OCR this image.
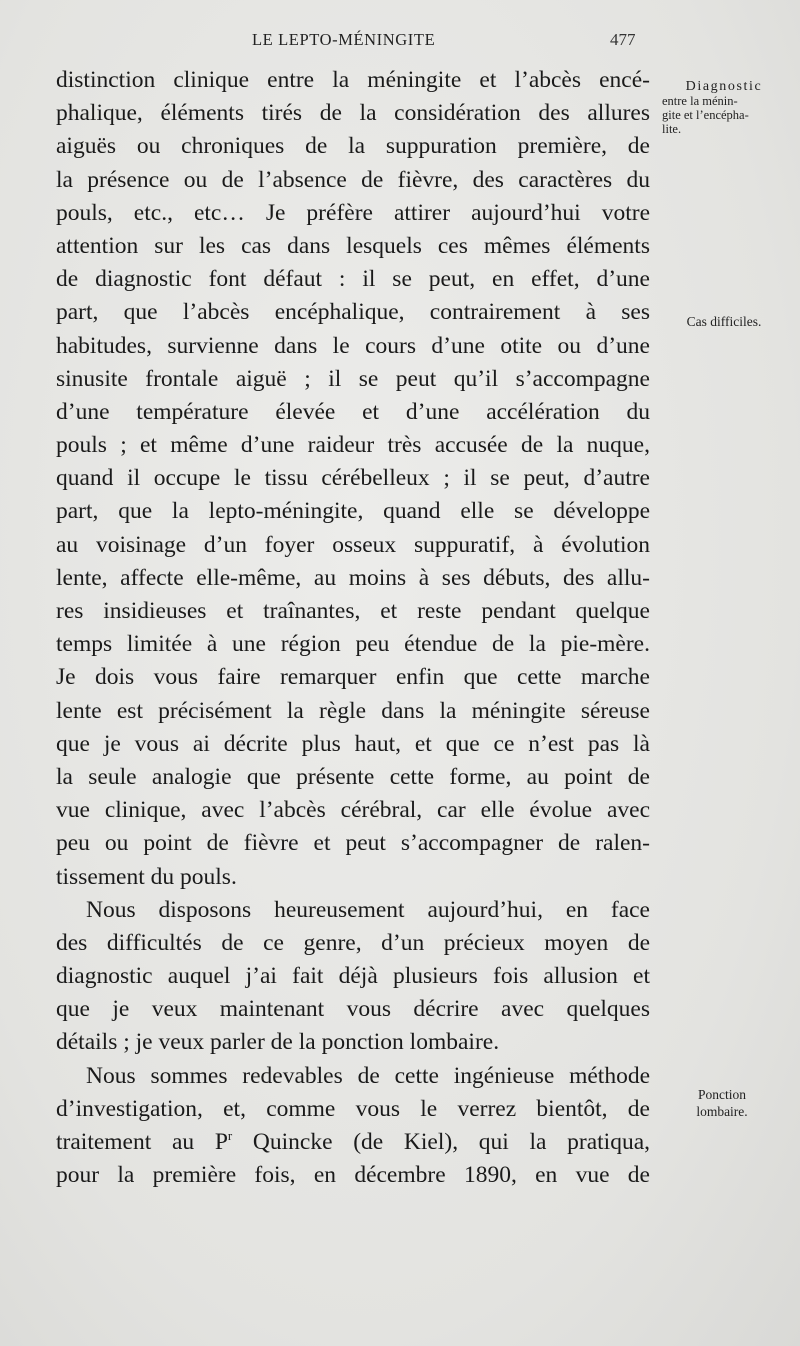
LE LEPTO-MÉNINGITE	477
distinction clinique entre la méningite et l’abcès encé-
phalique, éléments tirés de la considération des allures
aiguës ou chroniques de la suppuration première, de
la présence ou de l’absence de fièvre, des caractères du
pouls, etc., etc… Je préfère attirer aujourd’hui votre
attention sur les cas dans lesquels ces mêmes éléments
de diagnostic font défaut : il se peut, en effet, d’une
part, que l’abcès encéphalique, contrairement à ses
habitudes, survienne dans le cours d’une otite ou d’une
sinusite frontale aiguë ; il se peut qu’il s’accompagne
d’une température élevée et d’une accélération du
pouls ; et même d’une raideur très accusée de la nuque,
quand il occupe le tissu cérébelleux ; il se peut, d’autre
part, que la lepto-méningite, quand elle se développe
au voisinage d’un foyer osseux suppuratif, à évolution
lente, affecte elle-même, au moins à ses débuts, des allu-
res insidieuses et traînantes, et reste pendant quelque
temps limitée à une région peu étendue de la pie-mère.
Je dois vous faire remarquer enfin que cette marche
lente est précisément la règle dans la méningite séreuse
que je vous ai décrite plus haut, et que ce n’est pas là
la seule analogie que présente cette forme, au point de
vue clinique, avec l’abcès cérébral, car elle évolue avec
peu ou point de fièvre et peut s’accompagner de ralen-
tissement du pouls.
Nous disposons heureusement aujourd’hui, en face
des difficultés de ce genre, d’un précieux moyen de
diagnostic auquel j’ai fait déjà plusieurs fois allusion et
que je veux maintenant vous décrire avec quelques
détails ; je veux parler de la ponction lombaire.
Nous sommes redevables de cette ingénieuse méthode
d’investigation, et, comme vous le verrez bientôt, de
traitement au $P^r$ Quincke (de Kiel), qui la pratiqua,
pour la première fois, en décembre 1890, en vue de
Diagnostic
entre la ménin-
gite et l’encépha-
lite.
Cas difficiles.
Ponction
lombaire.
